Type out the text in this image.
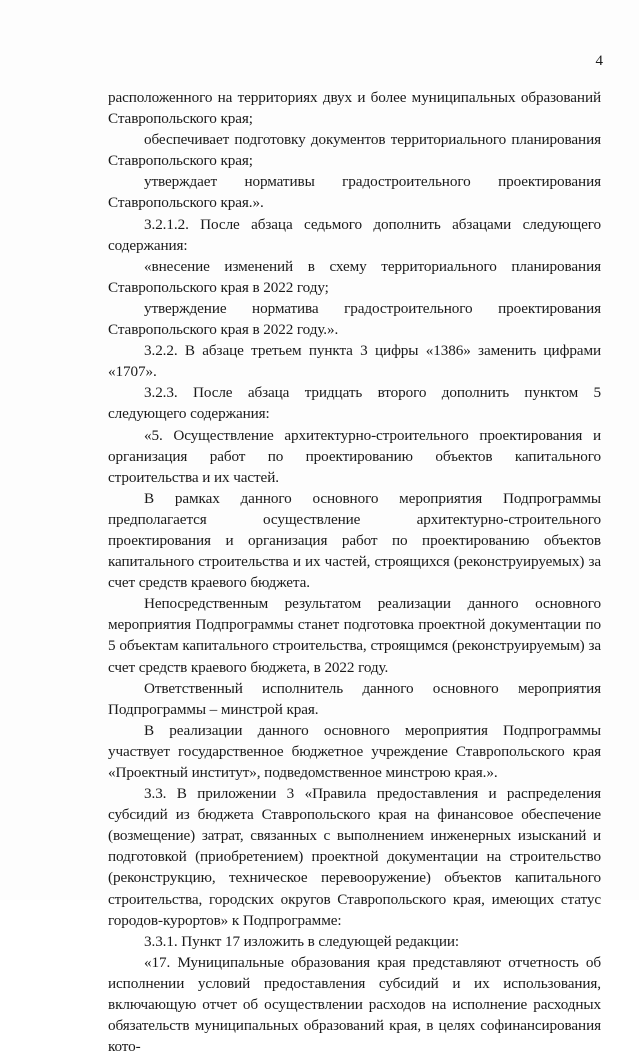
4

расположенного на территориях двух и более муниципальных образований Ставропольского края;

обеспечивает подготовку документов территориального планирования Ставропольского края;

утверждает нормативы градостроительного проектирования Ставропольского края.».

3.2.1.2. После абзаца седьмого дополнить абзацами следующего содержания:

«внесение изменений в схему территориального планирования Ставропольского края в 2022 году;

утверждение норматива градостроительного проектирования Ставропольского края в 2022 году.».

3.2.2. В абзаце третьем пункта 3 цифры «1386» заменить цифрами «1707».

3.2.3. После абзаца тридцать второго дополнить пунктом 5 следующего содержания:

«5. Осуществление архитектурно-строительного проектирования и организация работ по проектированию объектов капитального строительства и их частей.

В рамках данного основного мероприятия Подпрограммы предполагается осуществление архитектурно-строительного проектирования и организация работ по проектированию объектов капитального строительства и их частей, строящихся (реконструируемых) за счет средств краевого бюджета.

Непосредственным результатом реализации данного основного мероприятия Подпрограммы станет подготовка проектной документации по 5 объектам капитального строительства, строящимся (реконструируемым) за счет средств краевого бюджета, в 2022 году.

Ответственный исполнитель данного основного мероприятия Подпрограммы – минстрой края.

В реализации данного основного мероприятия Подпрограммы участвует государственное бюджетное учреждение Ставропольского края «Проектный институт», подведомственное минстрою края.».

3.3. В приложении 3 «Правила предоставления и распределения субсидий из бюджета Ставропольского края на финансовое обеспечение (возмещение) затрат, связанных с выполнением инженерных изысканий и подготовкой (приобретением) проектной документации на строительство (реконструкцию, техническое перевооружение) объектов капитального строительства, городских округов Ставропольского края, имеющих статус городов-курортов» к Подпрограмме:

3.3.1. Пункт 17 изложить в следующей редакции:

«17. Муниципальные образования края представляют отчетность об исполнении условий предоставления субсидий и их использования, включающую отчет об осуществлении расходов на исполнение расходных обязательств муниципальных образований края, в целях софинансирования кото-
